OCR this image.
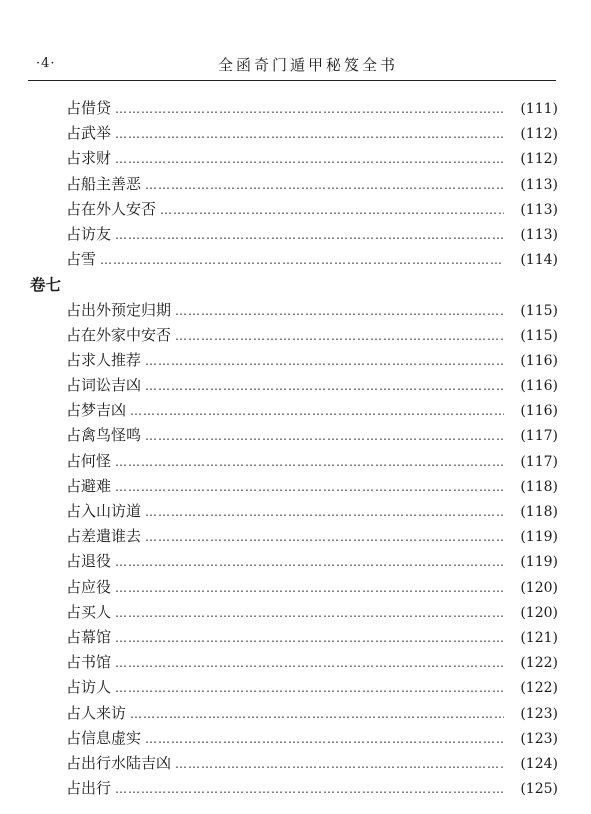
·4·	全函奇门遁甲秘笈全书
占借贷 …………………………………………………………………………………………………………………………………………………………………………………………	(111)
占武举 …………………………………………………………………………………………………………………………………………………………………………………………	(112)
占求财 …………………………………………………………………………………………………………………………………………………………………………………………	(112)
占船主善恶 …………………………………………………………………………………………………………………………………………………………………………………………	(113)
占在外人安否 …………………………………………………………………………………………………………………………………………………………………………………………	(113)
占访友 …………………………………………………………………………………………………………………………………………………………………………………………	(113)
占雪 …………………………………………………………………………………………………………………………………………………………………………………………	(114)
卷七
占出外预定归期 …………………………………………………………………………………………………………………………………………………………………………………………	(115)
占在外家中安否 …………………………………………………………………………………………………………………………………………………………………………………………	(115)
占求人推荐 …………………………………………………………………………………………………………………………………………………………………………………………	(116)
占词讼吉凶 …………………………………………………………………………………………………………………………………………………………………………………………	(116)
占梦吉凶 …………………………………………………………………………………………………………………………………………………………………………………………	(116)
占禽鸟怪鸣 …………………………………………………………………………………………………………………………………………………………………………………………	(117)
占何怪 …………………………………………………………………………………………………………………………………………………………………………………………	(117)
占避难 …………………………………………………………………………………………………………………………………………………………………………………………	(118)
占入山访道 …………………………………………………………………………………………………………………………………………………………………………………………	(118)
占差遣谁去 …………………………………………………………………………………………………………………………………………………………………………………………	(119)
占退役 …………………………………………………………………………………………………………………………………………………………………………………………	(119)
占应役 …………………………………………………………………………………………………………………………………………………………………………………………	(120)
占买人 …………………………………………………………………………………………………………………………………………………………………………………………	(120)
占幕馆 …………………………………………………………………………………………………………………………………………………………………………………………	(121)
占书馆 …………………………………………………………………………………………………………………………………………………………………………………………	(122)
占访人 …………………………………………………………………………………………………………………………………………………………………………………………	(122)
占人来访 …………………………………………………………………………………………………………………………………………………………………………………………	(123)
占信息虚实 …………………………………………………………………………………………………………………………………………………………………………………………	(123)
占出行水陆吉凶 …………………………………………………………………………………………………………………………………………………………………………………………	(124)
占出行 …………………………………………………………………………………………………………………………………………………………………………………………	(125)
